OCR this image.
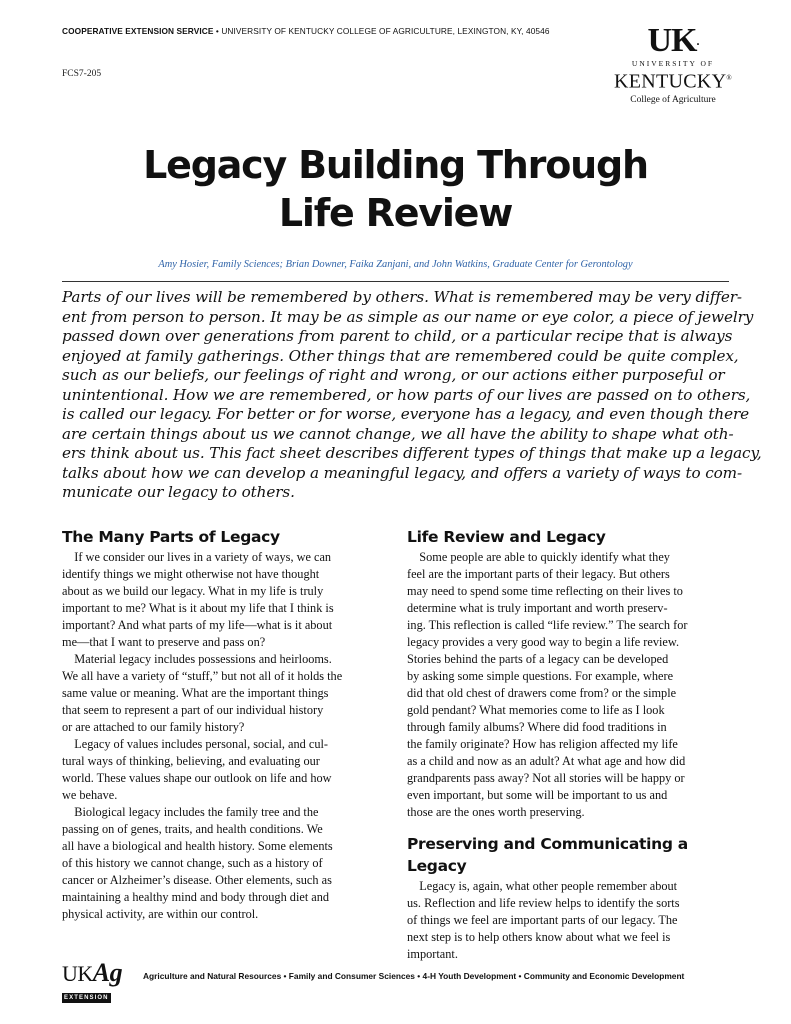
COOPERATIVE EXTENSION SERVICE • UNIVERSITY OF KENTUCKY COLLEGE OF AGRICULTURE, LEXINGTON, KY, 40546
FCS7-205
UK.
UNIVERSITY OF
KENTUCKY®
College of Agriculture
Legacy Building Through
Life Review
Amy Hosier, Family Sciences; Brian Downer, Faika Zanjani, and John Watkins, Graduate Center for Gerontology

Parts of our lives will be remembered by others. What is remembered may be very differ-
ent from person to person. It may be as simple as our name or eye color, a piece of jewelry
passed down over generations from parent to child, or a particular recipe that is always
enjoyed at family gatherings. Other things that are remembered could be quite complex,
such as our beliefs, our feelings of right and wrong, or our actions either purposeful or
unintentional. How we are remembered, or how parts of our lives are passed on to others,
is called our legacy. For better or for worse, everyone has a legacy, and even though there
are certain things about us we cannot change, we all have the ability to shape what oth-
ers think about us. This fact sheet describes different types of things that make up a legacy,
talks about how we can develop a meaningful legacy, and offers a variety of ways to com-
municate our legacy to others.

The Many Parts of Legacy

If we consider our lives in a variety of ways, we can
identify things we might otherwise not have thought
about as we build our legacy. What in my life is truly
important to me? What is it about my life that I think is
important? And what parts of my life—what is it about
me—that I want to preserve and pass on?
Material legacy includes possessions and heirlooms.
We all have a variety of “stuff,” but not all of it holds the
same value or meaning. What are the important things
that seem to represent a part of our individual history
or are attached to our family history?
Legacy of values includes personal, social, and cul-
tural ways of thinking, believing, and evaluating our
world. These values shape our outlook on life and how
we behave.
Biological legacy includes the family tree and the
passing on of genes, traits, and health conditions. We
all have a biological and health history. Some elements
of this history we cannot change, such as a history of
cancer or Alzheimer’s disease. Other elements, such as
maintaining a healthy mind and body through diet and
physical activity, are within our control.

Life Review and Legacy

Some people are able to quickly identify what they
feel are the important parts of their legacy. But others
may need to spend some time reflecting on their lives to
determine what is truly important and worth preserv-
ing. This reflection is called “life review.” The search for
legacy provides a very good way to begin a life review.
Stories behind the parts of a legacy can be developed
by asking some simple questions. For example, where
did that old chest of drawers come from? or the simple
gold pendant? What memories come to life as I look
through family albums? Where did food traditions in
the family originate? How has religion affected my life
as a child and now as an adult? At what age and how did
grandparents pass away? Not all stories will be happy or
even important, but some will be important to us and
those are the ones worth preserving.

Preserving and Communicating a Legacy

Legacy is, again, what other people remember about
us. Reflection and life review helps to identify the sorts
of things we feel are important parts of our legacy. The
next step is to help others know about what we feel is
important.

UKAg
EXTENSION
Agriculture and Natural Resources • Family and Consumer Sciences • 4-H Youth Development • Community and Economic Development
